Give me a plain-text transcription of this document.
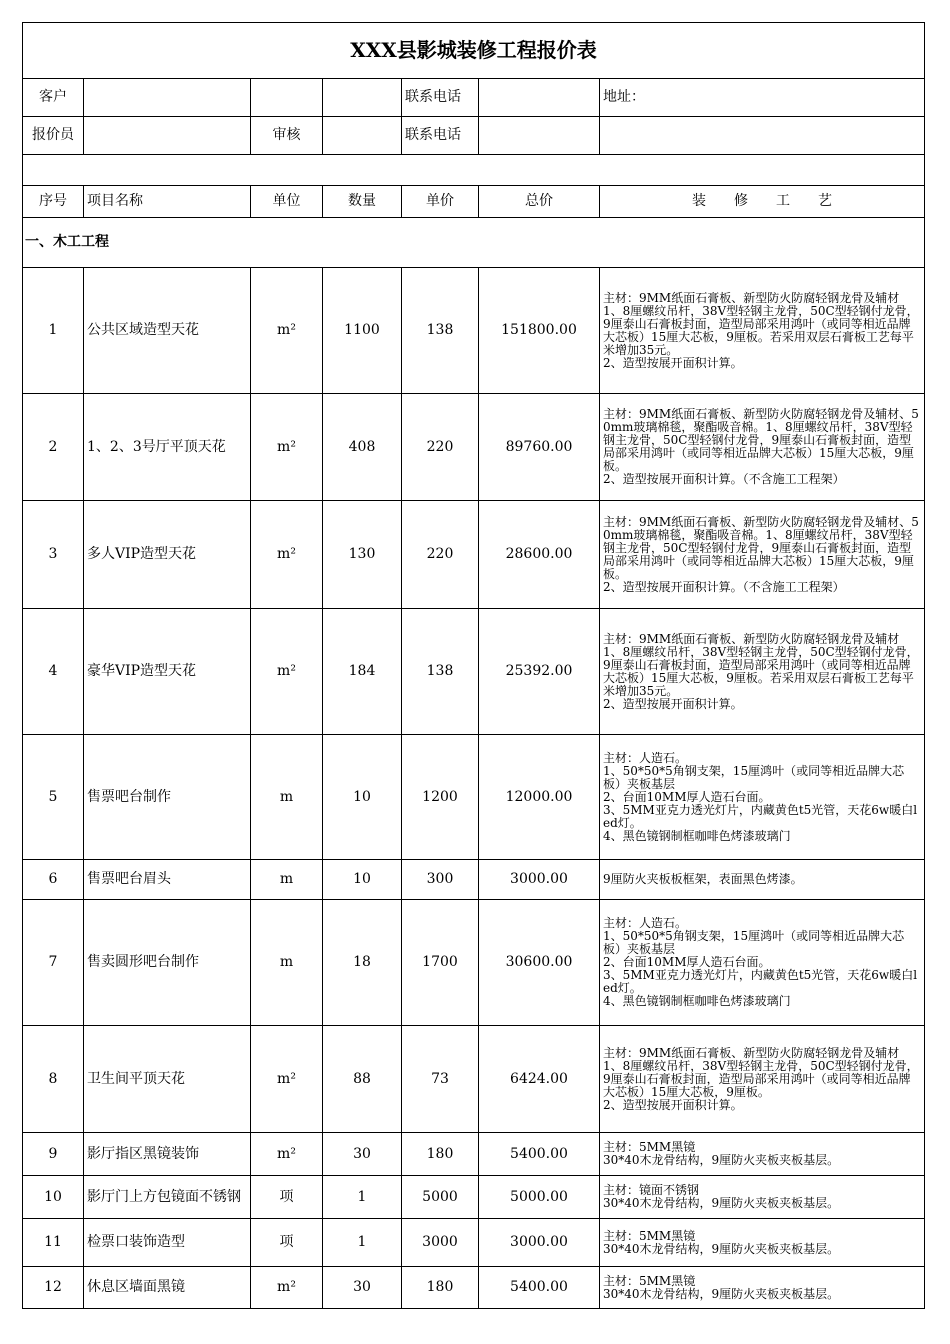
XXX县影城装修工程报价表						
客户				联系电话		地址：
报价员		审核		联系电话		

序号	项目名称	单位	数量	单价	总价	装　　修　　工　　艺
一、木工工程						
1	公共区域造型天花	m²	1100	138	151800.00	主材：9MM纸面石膏板、新型防火防腐轻钢龙骨及辅材
1、8厘螺纹吊杆，38V型轻钢主龙骨，50C型轻钢付龙骨，9厘泰山石膏板封面，造型局部采用鸿叶（或同等相近品牌大芯板）15厘大芯板，9厘板。若采用双层石膏板工艺每平米增加35元。
2、造型按展开面积计算。
2	1、2、3号厅平顶天花	m²	408	220	89760.00	主材：9MM纸面石膏板、新型防火防腐轻钢龙骨及辅材、50mm玻璃棉毯，聚酯吸音棉。1、8厘螺纹吊杆，38V型轻钢主龙骨，50C型轻钢付龙骨，9厘泰山石膏板封面，造型局部采用鸿叶（或同等相近品牌大芯板）15厘大芯板，9厘板。
2、造型按展开面积计算。（不含施工工程架）
3	多人VIP造型天花	m²	130	220	28600.00	主材：9MM纸面石膏板、新型防火防腐轻钢龙骨及辅材、50mm玻璃棉毯，聚酯吸音棉。1、8厘螺纹吊杆，38V型轻钢主龙骨，50C型轻钢付龙骨，9厘泰山石膏板封面，造型局部采用鸿叶（或同等相近品牌大芯板）15厘大芯板，9厘板。
2、造型按展开面积计算。（不含施工工程架）
4	豪华VIP造型天花	m²	184	138	25392.00	主材：9MM纸面石膏板、新型防火防腐轻钢龙骨及辅材
1、8厘螺纹吊杆，38V型轻钢主龙骨，50C型轻钢付龙骨，9厘泰山石膏板封面，造型局部采用鸿叶（或同等相近品牌大芯板）15厘大芯板，9厘板。若采用双层石膏板工艺每平米增加35元。
2、造型按展开面积计算。
5	售票吧台制作	m	10	1200	12000.00	主材：人造石。
1、50*50*5角钢支架，15厘鸿叶（或同等相近品牌大芯板）夹板基层
2、台面10MM厚人造石台面。
3、5MM亚克力透光灯片，内藏黄色t5光管，天花6w暖白led灯。
4、黑色镜钢制框咖啡色烤漆玻璃门
6	售票吧台眉头	m	10	300	3000.00	9厘防火夹板板框架，表面黑色烤漆。
7	售卖圆形吧台制作	m	18	1700	30600.00	主材：人造石。
1、50*50*5角钢支架，15厘鸿叶（或同等相近品牌大芯板）夹板基层
2、台面10MM厚人造石台面。
3、5MM亚克力透光灯片，内藏黄色t5光管，天花6w暖白led灯。
4、黑色镜钢制框咖啡色烤漆玻璃门
8	卫生间平顶天花	m²	88	73	6424.00	主材：9MM纸面石膏板、新型防火防腐轻钢龙骨及辅材
1、8厘螺纹吊杆，38V型轻钢主龙骨，50C型轻钢付龙骨，9厘泰山石膏板封面，造型局部采用鸿叶（或同等相近品牌大芯板）15厘大芯板，9厘板。
2、造型按展开面积计算。
9	影厅指区黑镜装饰	m²	30	180	5400.00	主材：5MM黑镜
30*40木龙骨结构，9厘防火夹板夹板基层。
10	影厅门上方包镜面不锈钢	项	1	5000	5000.00	主材：镜面不锈钢
30*40木龙骨结构，9厘防火夹板夹板基层。
11	检票口装饰造型	项	1	3000	3000.00	主材：5MM黑镜
30*40木龙骨结构，9厘防火夹板夹板基层。
12	休息区墙面黑镜	m²	30	180	5400.00	主材：5MM黑镜
30*40木龙骨结构，9厘防火夹板夹板基层。
